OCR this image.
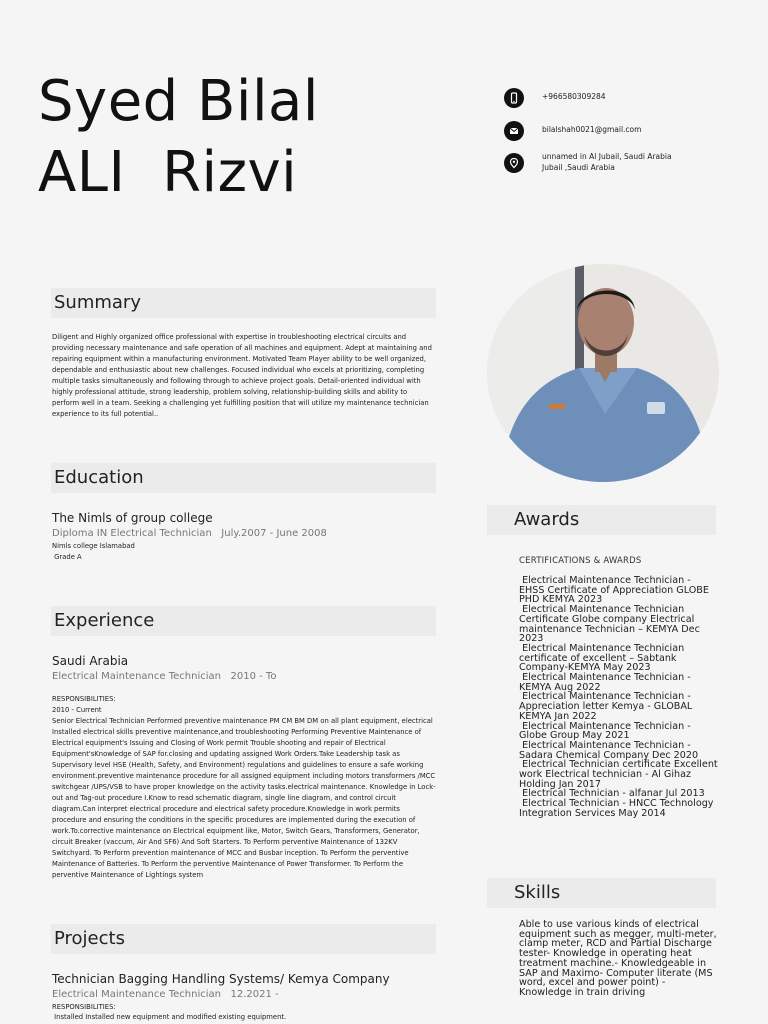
Syed Bilal
ALI  Rizvi
+966580309284
bilalshah0021@gmail.com
unnamed in Al Jubail, Saudi Arabia
Jubail ,Saudi Arabia
Summary
Diligent and Highly organized office professional with expertise in troubleshooting electrical circuits and providing necessary maintenance and safe operation of all machines and equipment. Adept at maintaining and repairing equipment within a manufacturing environment. Motivated Team Player ability to be well organized, dependable and enthusiastic about new challenges. Focused individual who excels at prioritizing, completing multiple tasks simultaneously and following through to achieve project goals. Detail-oriented individual with highly professional attitude, strong leadership, problem solving, relationship-building skills and ability to perform well in a team. Seeking a challenging yet fulfilling position that will utilize my maintenance technician experience to its full potential..
Education
The Nimls of group college
Diploma IN Electrical Technician   July.2007 - June 2008
Nimls college Islamabad
Grade A
Awards
CERTIFICATIONS & AWARDS
Electrical Maintenance Technician - EHSS Certificate of Appreciation GLOBE PHD KEMYA 2023
Electrical Maintenance Technician Certificate Globe company Electrical maintenance Technician – KEMYA Dec 2023
Electrical Maintenance Technician certificate of excellent – Sabtank Company-KEMYA May 2023
Electrical Maintenance Technician - KEMYA Aug 2022
Electrical Maintenance Technician - Appreciation letter Kemya - GLOBAL KEMYA Jan 2022
Electrical Maintenance Technician - Globe Group May 2021
Electrical Maintenance Technician - Sadara Chemical Company Dec 2020
Electrical Technician certificate Excellent work Electrical technician - Al Gihaz Holding Jan 2017
Electrical Technician - alfanar Jul 2013
Electrical Technician - HNCC Technology Integration Services May 2014
Experience
Saudi Arabia
Electrical Maintenance Technician   2010 - To
RESPONSIBILITIES:
2010 - Current
Senior Electrical Technician Performed preventive maintenance PM CM BM DM on all plant equipment, electrical Installed electrical skills preventive maintenance,and troubleshooting Performing Preventive Maintenance of Electrical equipment's Issuing and Closing of Work permit Trouble shooting and repair of Electrical Equipment'sKnowledge of SAP for.closing and updating assigned Work Orders.Take Leadership task as Supervisory level HSE (Health, Safety, and Environment) regulations and guidelines to ensure a safe working environment.preventive maintenance procedure for all assigned equipment including motors transformers /MCC switchgear /UPS/VSB to have proper knowledge on the activity tasks.electrical maintenance. Knowledge in Lock-out and Tag-out procedure I.Know to read schematic diagram, single line diagram, and control circuit diagram.Can interpret electrical procedure and electrical safety procedure.Knowledge in work permits procedure and ensuring the conditions in the specific procedures are implemented during the execution of work.To.corrective maintenance on Electrical equipment like, Motor, Switch Gears, Transformers, Generator, circuit Breaker (vaccum, Air And SF6) And Soft Starters. To Perform perventive Maintenance of 132KV Switchyard. To Perform prevention maintenance of MCC and Busbar inception. To Perform the perventive Maintenance of Batteries. To Perform the perventive Maintenance of Power Transformer. To Perform the perventive Maintenance of Lightings system
Skills
Able to use various kinds of electrical equipment such as megger, multi-meter, clamp meter, RCD and Partial Discharge tester- Knowledge in operating heat treatment machine.- Knowledgeable in SAP and Maximo- Computer literate (MS word, excel and power point) - Knowledge in train driving
Projects
Technician Bagging Handling Systems/ Kemya Company
Electrical Maintenance Technician   12.2021 -
RESPONSIBILITIES:
Installed Installed new equipment and modified existing equipment.
